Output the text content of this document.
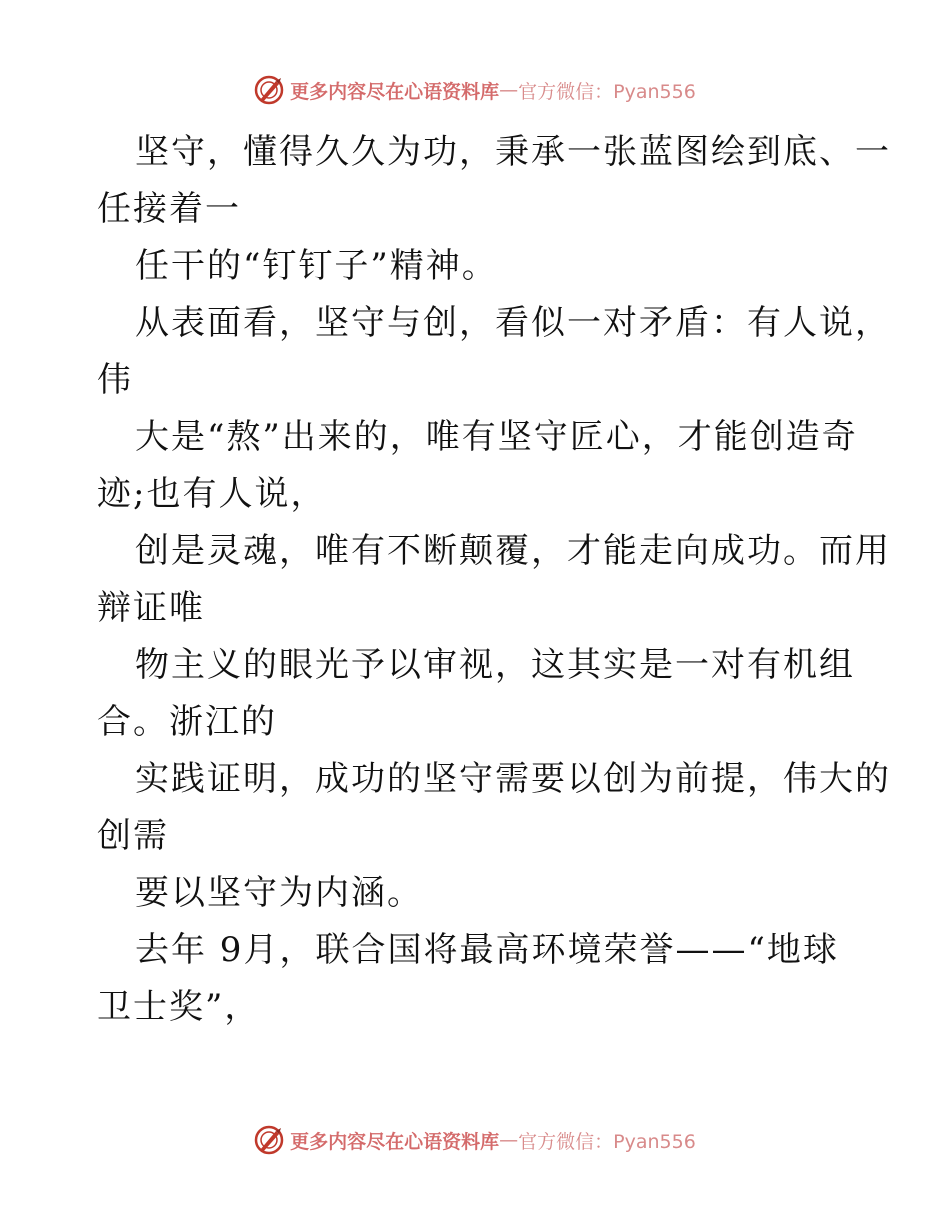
更多内容尽在心语资料库 — 官方微信：Pyan556
坚守，懂得久久为功，秉承一张蓝图绘到底、一
任接着一
任干的“钉钉子”精神。
从表面看，坚守与创，看似一对矛盾：有人说，
伟
大是“熬”出来的，唯有坚守匠心，才能创造奇
迹;也有人说，
创是灵魂，唯有不断颠覆，才能走向成功。而用
辩证唯
物主义的眼光予以审视，这其实是一对有机组
合。浙江的
实践证明，成功的坚守需要以创为前提，伟大的
创需
要以坚守为内涵。
去年 9月，联合国将最高环境荣誉——“地球
卫士奖”，
更多内容尽在心语资料库 — 官方微信：Pyan556
